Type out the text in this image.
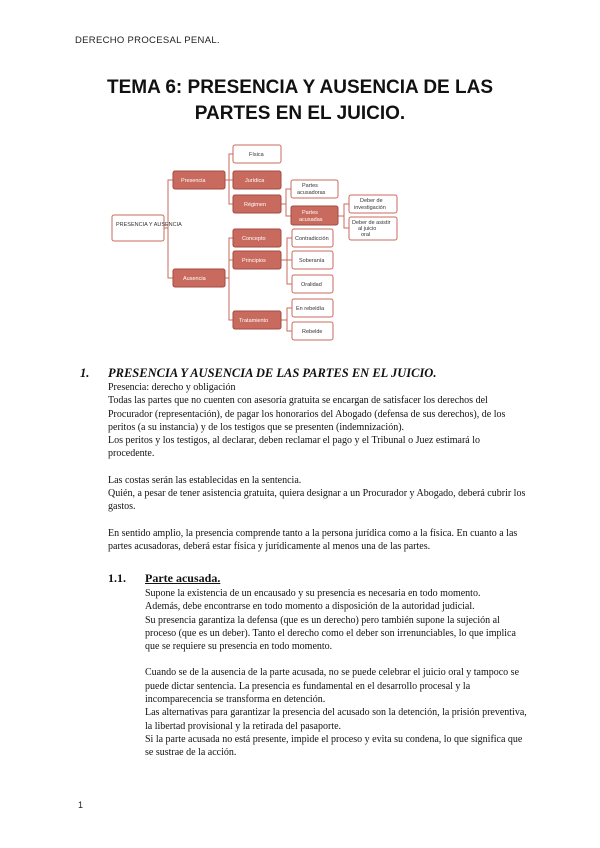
DERECHO PROCESAL PENAL.
TEMA 6: PRESENCIA Y AUSENCIA DE LAS
PARTES EN EL JUICIO.
PRESENCIA Y AUSENCIA
Presencia
Ausencia
Física
Jurídica
Régimen
Partes
acusadoras
Partes
acusadas
Deber de
investigación
Deber de asistir
al juicio
oral
Concepto
Principios
Tratamiento
Contradicción
Soberanía
Oralidad
En rebeldía
Rebelde
1. PRESENCIA Y AUSENCIA DE LAS PARTES EN EL JUICIO.

Presencia: derecho y obligación

Todas las partes que no cuenten con asesoría gratuita se encargan de satisfacer los derechos del Procurador (representación), de pagar los honorarios del Abogado (defensa de sus derechos), de los peritos (a su instancia) y de los testigos que se presenten (indemnización).

Los peritos y los testigos, al declarar, deben reclamar el pago y el Tribunal o Juez estimará lo procedente.

Las costas serán las establecidas en la sentencia.

Quién, a pesar de tener asistencia gratuita, quiera designar a un Procurador y Abogado, deberá cubrir los gastos.

En sentido amplio, la presencia comprende tanto a la persona jurídica como a la física. En cuanto a las partes acusadoras, deberá estar física y jurídicamente al menos una de las partes.

1.1. Parte acusada.

Supone la existencia de un encausado y su presencia es necesaria en todo momento.

Además, debe encontrarse en todo momento a disposición de la autoridad judicial.

Su presencia garantiza la defensa (que es un derecho) pero también supone la sujeción al proceso (que es un deber). Tanto el derecho como el deber son irrenunciables, lo que implica que se requiere su presencia en todo momento.

Cuando se de la ausencia de la parte acusada, no se puede celebrar el juicio oral y tampoco se puede dictar sentencia. La presencia es fundamental en el desarrollo procesal y la incomparecencia se transforma en detención.

Las alternativas para garantizar la presencia del acusado son la detención, la prisión preventiva, la libertad provisional y la retirada del pasaporte.

Si la parte acusada no está presente, impide el proceso y evita su condena, lo que significa que se sustrae de la acción.

1
